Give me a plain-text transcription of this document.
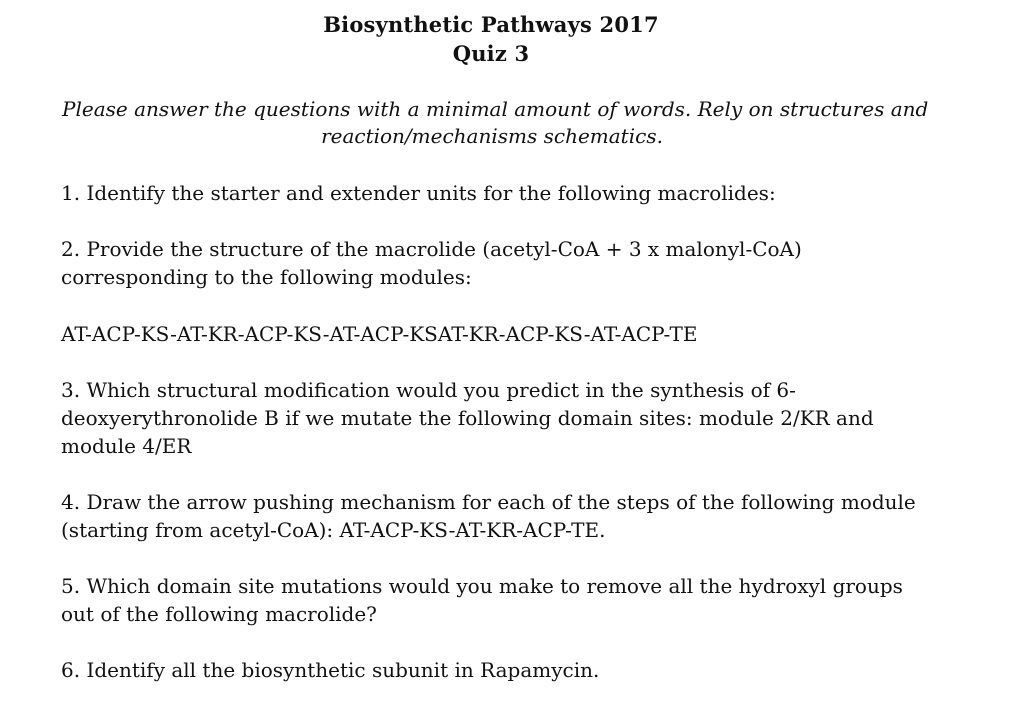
Biosynthetic Pathways 2017
Quiz 3
Please answer the questions with a minimal amount of words. Rely on structures and
reaction/mechanisms schematics.
1. Identify the starter and extender units for the following macrolides:
2. Provide the structure of the macrolide (acetyl-CoA + 3 x malonyl-CoA)
corresponding to the following modules:
AT-ACP-KS-AT-KR-ACP-KS-AT-ACP-KSAT-KR-ACP-KS-AT-ACP-TE
3. Which structural modification would you predict in the synthesis of 6-
deoxyerythronolide B if we mutate the following domain sites: module 2/KR and
module 4/ER
4. Draw the arrow pushing mechanism for each of the steps of the following module
(starting from acetyl-CoA): AT-ACP-KS-AT-KR-ACP-TE.
5. Which domain site mutations would you make to remove all the hydroxyl groups
out of the following macrolide?
6. Identify all the biosynthetic subunit in Rapamycin.
